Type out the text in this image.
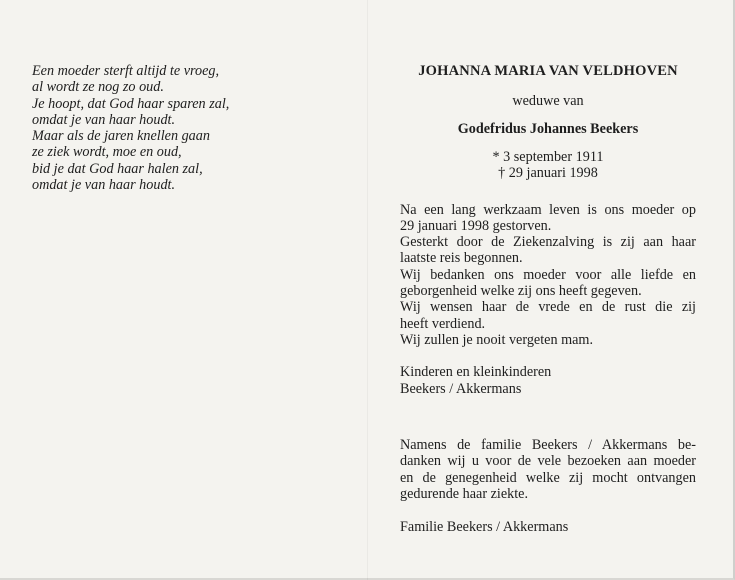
Een moeder sterft altijd te vroeg,
al wordt ze nog zo oud.
Je hoopt, dat God haar sparen zal,
omdat je van haar houdt.
Maar als de jaren knellen gaan
ze ziek wordt, moe en oud,
bid je dat God haar halen zal,
omdat je van haar houdt.
JOHANNA MARIA VAN VELDHOVEN
weduwe van
Godefridus Johannes Beekers
* 3 september 1911
† 29 januari 1998
Na een lang werkzaam leven is ons moeder op
29 januari 1998 gestorven.
Gesterkt door de Ziekenzalving is zij aan haar
laatste reis begonnen.
Wij bedanken ons moeder voor alle liefde en
geborgenheid welke zij ons heeft gegeven.
Wij wensen haar de vrede en de rust die zij
heeft verdiend.
Wij zullen je nooit vergeten mam.
Kinderen en kleinkinderen
Beekers / Akkermans
Namens de familie Beekers / Akkermans be-
danken wij u voor de vele bezoeken aan moeder
en de genegenheid welke zij mocht ontvangen
gedurende haar ziekte.
Familie Beekers / Akkermans
